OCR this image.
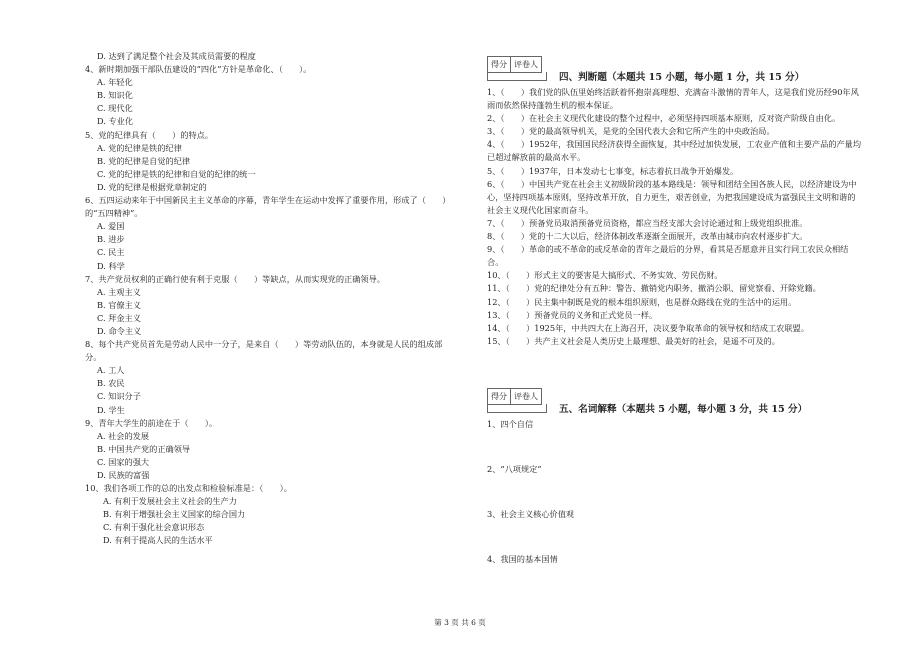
D. 达到了满足整个社会及其成员需要的程度
4、新时期加强干部队伍建设的“四化”方针是革命化、（　　）。
A. 年轻化
B. 知识化
C. 现代化
D. 专业化
5、党的纪律具有（　　）的特点。
A. 党的纪律是铁的纪律
B. 党的纪律是自觉的纪律
C. 党的纪律是铁的纪律和自觉的纪律的统一
D. 党的纪律是根据党章制定的
6、五四运动来年于中国新民主主义革命的序幕，青年学生在运动中发挥了重要作用，形成了（　　）的“五四精神”。
A. 爱国
B. 进步
C. 民主
D. 科学
7、共产党员权利的正确行使有利于克服（　　）等缺点，从而实现党的正确领导。
A. 主观主义
B. 官僚主义
C. 拜金主义
D. 命令主义
8、每个共产党员首先是劳动人民中一分子，是来自（　　）等劳动队伍的，本身就是人民的组成部分。
A. 工人
B. 农民
C. 知识分子
D. 学生
9、青年大学生的前途在于（　　）。
A. 社会的发展
B. 中国共产党的正确领导
C. 国家的强大
D. 民族的富强
10、我们各项工作的总的出发点和检验标准是：（　　）。
A. 有利于发展社会主义社会的生产力
B. 有利于增强社会主义国家的综合国力
C. 有利于强化社会意识形态
D. 有利于提高人民的生活水平
得分 评卷人
四、判断题（本题共 15 小题，每小题 1 分，共 15 分）
1、（　　）我们党的队伍里始终活跃着怀抱崇高理想、充满奋斗激情的青年人，这是我们党历经90年风雨而依然保持蓬勃生机的根本保证。
2、（　　）在社会主义现代化建设的整个过程中，必须坚持四项基本原则，反对资产阶级自由化。
3、（　　）党的最高领导机关，是党的全国代表大会和它所产生的中央政治局。
4、（　　）1952年，我国国民经济获得全面恢复，其中经过加快发展，工农业产值和主要产品的产量均已超过解放前的最高水平。
5、（　　）1937年，日本发动七七事变，标志着抗日战争开始爆发。
6、（　　）中国共产党在社会主义初级阶段的基本路线是：领导和团结全国各族人民，以经济建设为中心，坚持四项基本原则，坚持改革开放，自力更生，艰苦创业，为把我国建设成为富强民主文明和谐的社会主义现代化国家而奋斗。
7、（　　）预备党员取消预备党员资格，都应当经支部大会讨论通过和上级党组织批准。
8、（　　）党的十二大以后，经济体制改革逐渐全面展开，改革由城市向农村逐步扩大。
9、（　　）革命的或不革命的或反革命的青年之最后的分界，看其是否愿意并且实行同工农民众相结合。
10、（　　）形式主义的要害是大搞形式、不务实效、劳民伤财。
11、（　　）党的纪律处分有五种：警告、撤销党内职务、撤消公职、留党察看、开除党籍。
12、（　　）民主集中制既是党的根本组织原则，也是群众路线在党的生活中的运用。
13、（　　）预备党员的义务和正式党员一样。
14、（　　）1925年，中共四大在上海召开，决议要争取革命的领导权和结成工农联盟。
15、（　　）共产主义社会是人类历史上最理想、最美好的社会，是遥不可及的。
得分 评卷人
五、名词解释（本题共 5 小题，每小题 3 分，共 15 分）
1、四个自信
2、“八项规定”
3、社会主义核心价值观
4、我国的基本国情
第 3 页 共 6 页
